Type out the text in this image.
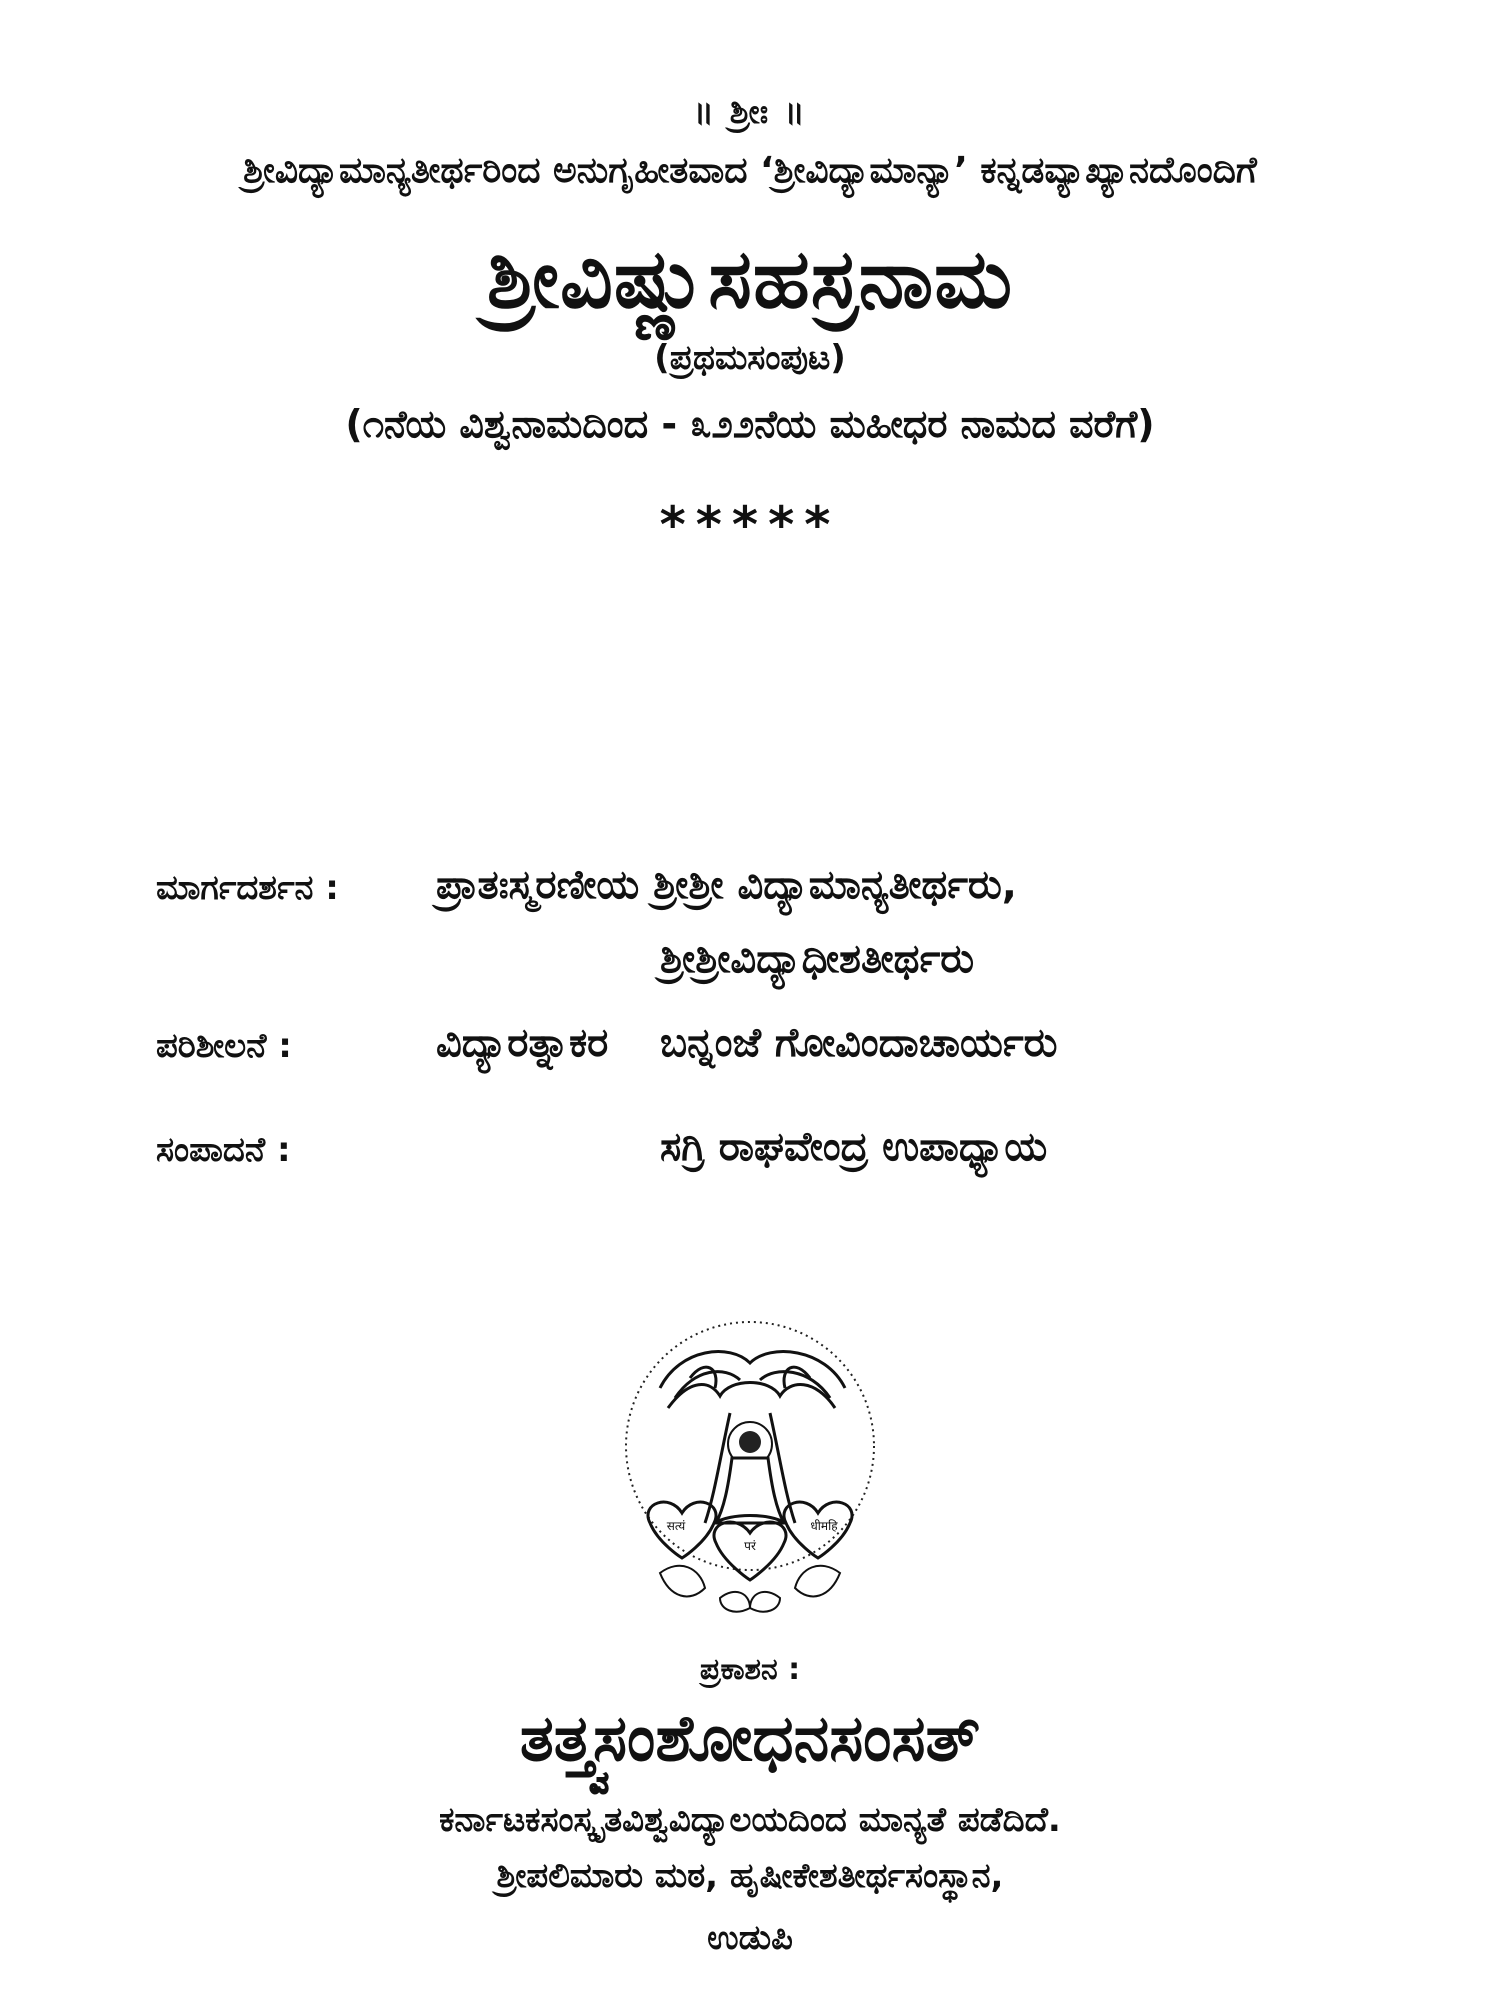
॥ ಶ್ರೀಃ ॥
ಶ್ರೀವಿದ್ಯಾಮಾನ್ಯತೀರ್ಥರಿಂದ ಅನುಗೃಹೀತವಾದ ‘ಶ್ರೀವಿದ್ಯಾಮಾನ್ಯಾ’ ಕನ್ನಡವ್ಯಾಖ್ಯಾನದೊಂದಿಗೆ
ಶ್ರೀವಿಷ್ಣುಸಹಸ್ರನಾಮ
(ಪ್ರಥಮಸಂಪುಟ)
(೧ನೆಯ ವಿಶ್ವನಾಮದಿಂದ - ೩೨೨ನೆಯ ಮಹೀಧರ ನಾಮದ ವರೆಗೆ)
*****
ಮಾರ್ಗದರ್ಶನ : ಪ್ರಾತಃಸ್ಮರಣೀಯ ಶ್ರೀಶ್ರೀ ವಿದ್ಯಾಮಾನ್ಯತೀರ್ಥರು,
ಶ್ರೀಶ್ರೀವಿದ್ಯಾಧೀಶತೀರ್ಥರು
ಪರಿಶೀಲನೆ :	ವಿದ್ಯಾರತ್ನಾಕರ ಬನ್ನಂಜೆ ಗೋವಿಂದಾಚಾರ್ಯರು
ಸಂಪಾದನೆ :	ಸಗ್ರಿ ರಾಘವೇಂದ್ರ ಉಪಾಧ್ಯಾಯ
सत्यं
परं
धीमहि
ಪ್ರಕಾಶನ :
ತತ್ತ್ವಸಂಶೋಧನಸಂಸತ್
ಕರ್ನಾಟಕಸಂಸ್ಕೃತವಿಶ್ವವಿದ್ಯಾಲಯದಿಂದ ಮಾನ್ಯತೆ ಪಡೆದಿದೆ.
ಶ್ರೀಪಲಿಮಾರು ಮಠ, ಹೃಷೀಕೇಶತೀರ್ಥಸಂಸ್ಥಾನ,
ಉಡುಪಿ
